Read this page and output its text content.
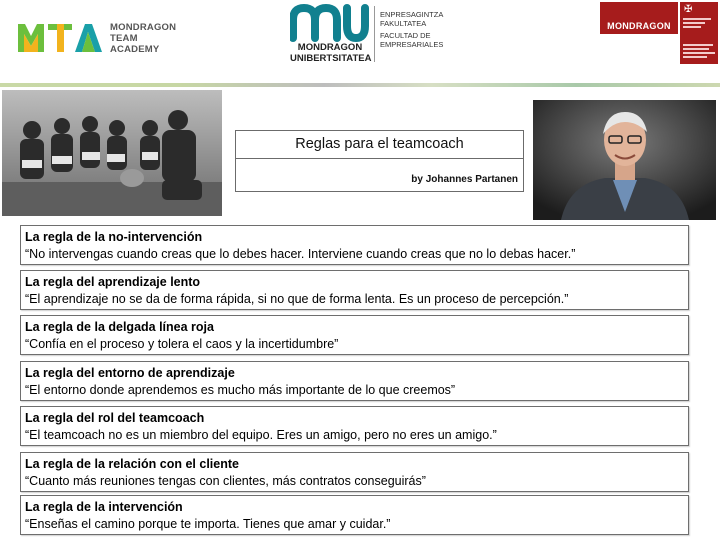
MONDRAGON
TEAM
ACADEMY	MONDRAGON
UNIBERTSITATEA
ENPRESAGINTZA
FAKULTATEA
FACULTAD DE
EMPRESARIALES
MONDRAGON
✠
Reglas para el teamcoach
by Johannes Partanen
La regla de la no-intervención
“No intervengas cuando creas que lo debes hacer. Interviene cuando creas que no lo debas hacer.”
La regla del aprendizaje lento
“El aprendizaje no se da de forma rápida, si no que de forma lenta. Es un proceso de percepción.”
La regla de la delgada línea roja
“Confía en el proceso y tolera el caos y la incertidumbre”
La regla del entorno de aprendizaje
“El entorno donde aprendemos es mucho más importante de lo que creemos”
La regla del rol del teamcoach
“El teamcoach no es un miembro del equipo. Eres un amigo, pero no eres un amigo.”
La regla de la relación con el cliente
“Cuanto más reuniones tengas con clientes, más contratos conseguirás”
La regla de la intervención
“Enseñas el camino porque te importa. Tienes que amar y cuidar.”
